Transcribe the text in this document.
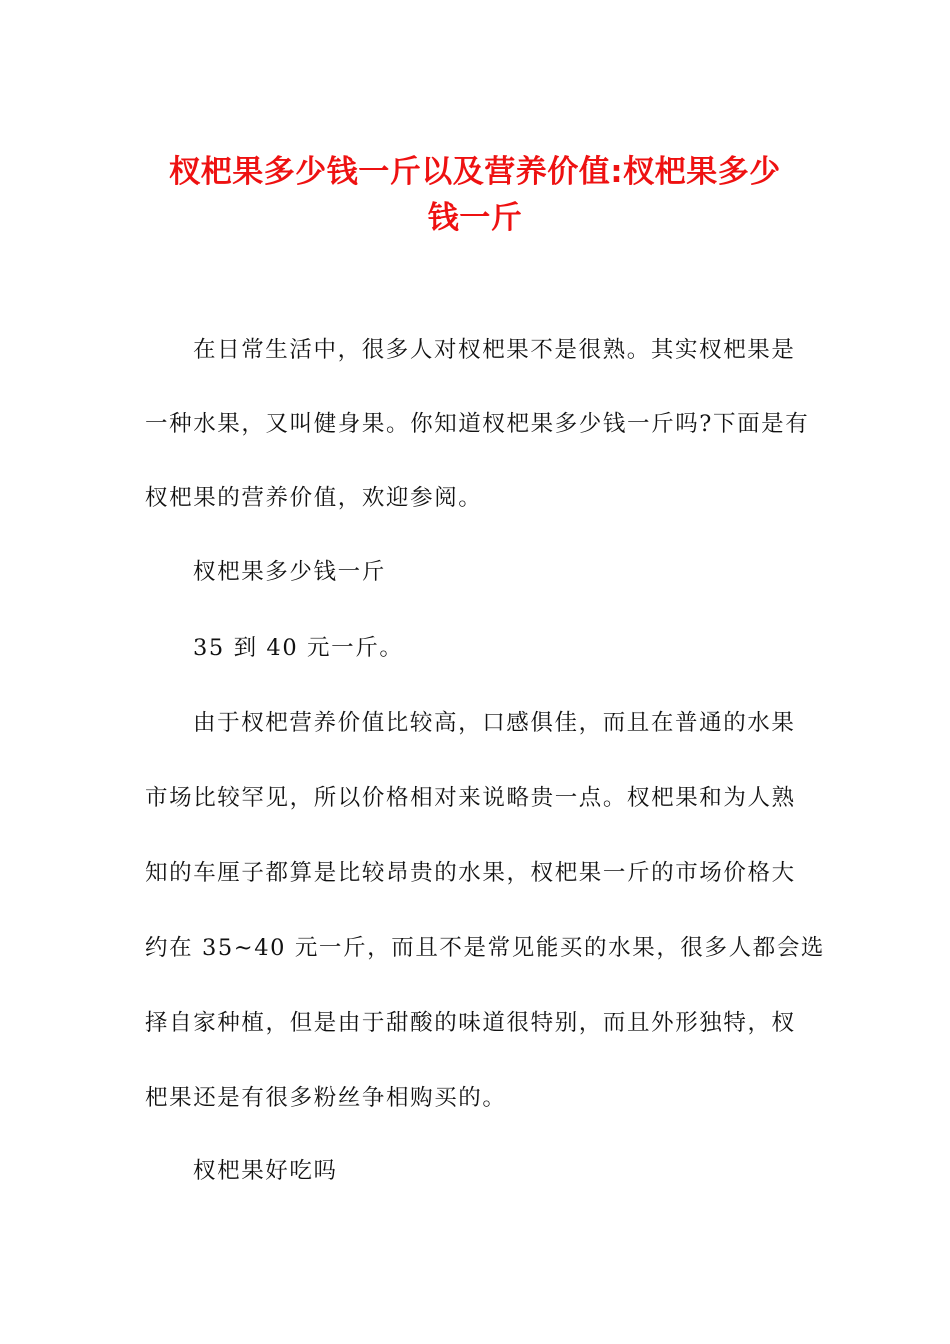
杈杷果多少钱一斤以及营养价值:杈杷果多少
钱一斤
在日常生活中，很多人对杈杷果不是很熟。其实杈杷果是
一种水果，又叫健身果。你知道杈杷果多少钱一斤吗?下面是有
杈杷果的营养价值，欢迎参阅。
杈杷果多少钱一斤
35 到 40 元一斤。
由于杈杷营养价值比较高，口感俱佳，而且在普通的水果
市场比较罕见，所以价格相对来说略贵一点。杈杷果和为人熟
知的车厘子都算是比较昂贵的水果，杈杷果一斤的市场价格大
约在 35~40 元一斤，而且不是常见能买的水果，很多人都会选
择自家种植，但是由于甜酸的味道很特别，而且外形独特，杈
杷果还是有很多粉丝争相购买的。
杈杷果好吃吗
